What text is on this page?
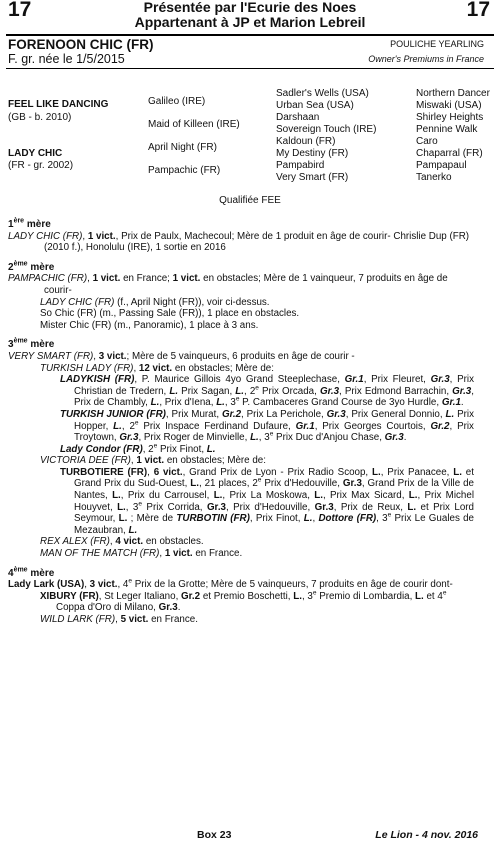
17	17
Présentée par l'Ecurie des Noes
Appartenant à JP et Marion Lebreil
FORENOON CHIC (FR)
F. gr. née le 1/5/2015
POULICHE YEARLING
Owner's Premiums in France
FEEL LIKE DANCING
(GB - b. 2010)
LADY CHIC
(FR - gr. 2002)
Galileo (IRE)
Maid of Killeen (IRE)
April Night (FR)
Pampachic (FR)
Sadler's Wells (USA)
Urban Sea (USA)
Darshaan
Sovereign Touch (IRE)
Kaldoun (FR)
My Destiny (FR)
Pampabird
Very Smart (FR)
Northern Dancer
Miswaki (USA)
Shirley Heights
Pennine Walk
Caro
Chaparral (FR)
Pampapaul
Tanerko
Qualifiée FEE

1ère mère

LADY CHIC (FR), 1 vict., Prix de Paulx, Machecoul; Mère de 1 produit en âge de courir- Chrislie Dup (FR) (2010 f.), Honolulu (IRE), 1 sortie en 2016

2ème mère

PAMPACHIC (FR), 1 vict. en France; 1 vict. en obstacles; Mère de 1 vainqueur, 7 produits en âge de courir-

LADY CHIC (FR) (f., April Night (FR)), voir ci-dessus.

So Chic (FR) (m., Passing Sale (FR)), 1 place en obstacles.

Mister Chic (FR) (m., Panoramic), 1 place à 3 ans.

3ème mère

VERY SMART (FR), 3 vict.; Mère de 5 vainqueurs, 6 produits en âge de courir -

TURKISH LADY (FR), 12 vict. en obstacles; Mère de:

LADYKISH (FR), P. Maurice Gillois 4yo Grand Steeplechase, Gr.1, Prix Fleuret, Gr.3, Prix Christian de Tredern, L. Prix Sagan, L., 2e Prix Orcada, Gr.3, Prix Edmond Barrachin, Gr.3, Prix de Chambly, L., Prix d'Iena, L., 3e P. Cambaceres Grand Course de 3yo Hurdle, Gr.1.

TURKISH JUNIOR (FR), Prix Murat, Gr.2, Prix La Perichole, Gr.3, Prix General Donnio, L. Prix Hopper, L., 2e Prix Inspace Ferdinand Dufaure, Gr.1, Prix Georges Courtois, Gr.2, Prix Troytown, Gr.3, Prix Roger de Minvielle, L., 3e Prix Duc d'Anjou Chase, Gr.3.

Lady Condor (FR), 2e Prix Finot, L.

VICTORIA DEE (FR), 1 vict. en obstacles; Mère de:

TURBOTIERE (FR), 6 vict., Grand Prix de Lyon - Prix Radio Scoop, L., Prix Panacee, L. et Grand Prix du Sud-Ouest, L., 21 places, 2e Prix d'Hedouville, Gr.3, Grand Prix de la Ville de Nantes, L., Prix du Carrousel, L., Prix La Moskowa, L., Prix Max Sicard, L., Prix Michel Houyvet, L., 3e Prix Corrida, Gr.3, Prix d'Hedouville, Gr.3, Prix de Reux, L. et Prix Lord Seymour, L. ; Mère de TURBOTIN (FR), Prix Finot, L., Dottore (FR), 3e Prix Le Guales de Mezaubran, L.

REX ALEX (FR), 4 vict. en obstacles.

MAN OF THE MATCH (FR), 1 vict. en France.

4ème mère

Lady Lark (USA), 3 vict., 4e Prix de la Grotte; Mère de 5 vainqueurs, 7 produits en âge de courir dont-

XIBURY (FR), St Leger Italiano, Gr.2 et Premio Boschetti, L., 3e Premio di Lombardia, L. et 4e Coppa d'Oro di Milano, Gr.3.

WILD LARK (FR), 5 vict. en France.

Box 23	Le Lion - 4 nov. 2016
